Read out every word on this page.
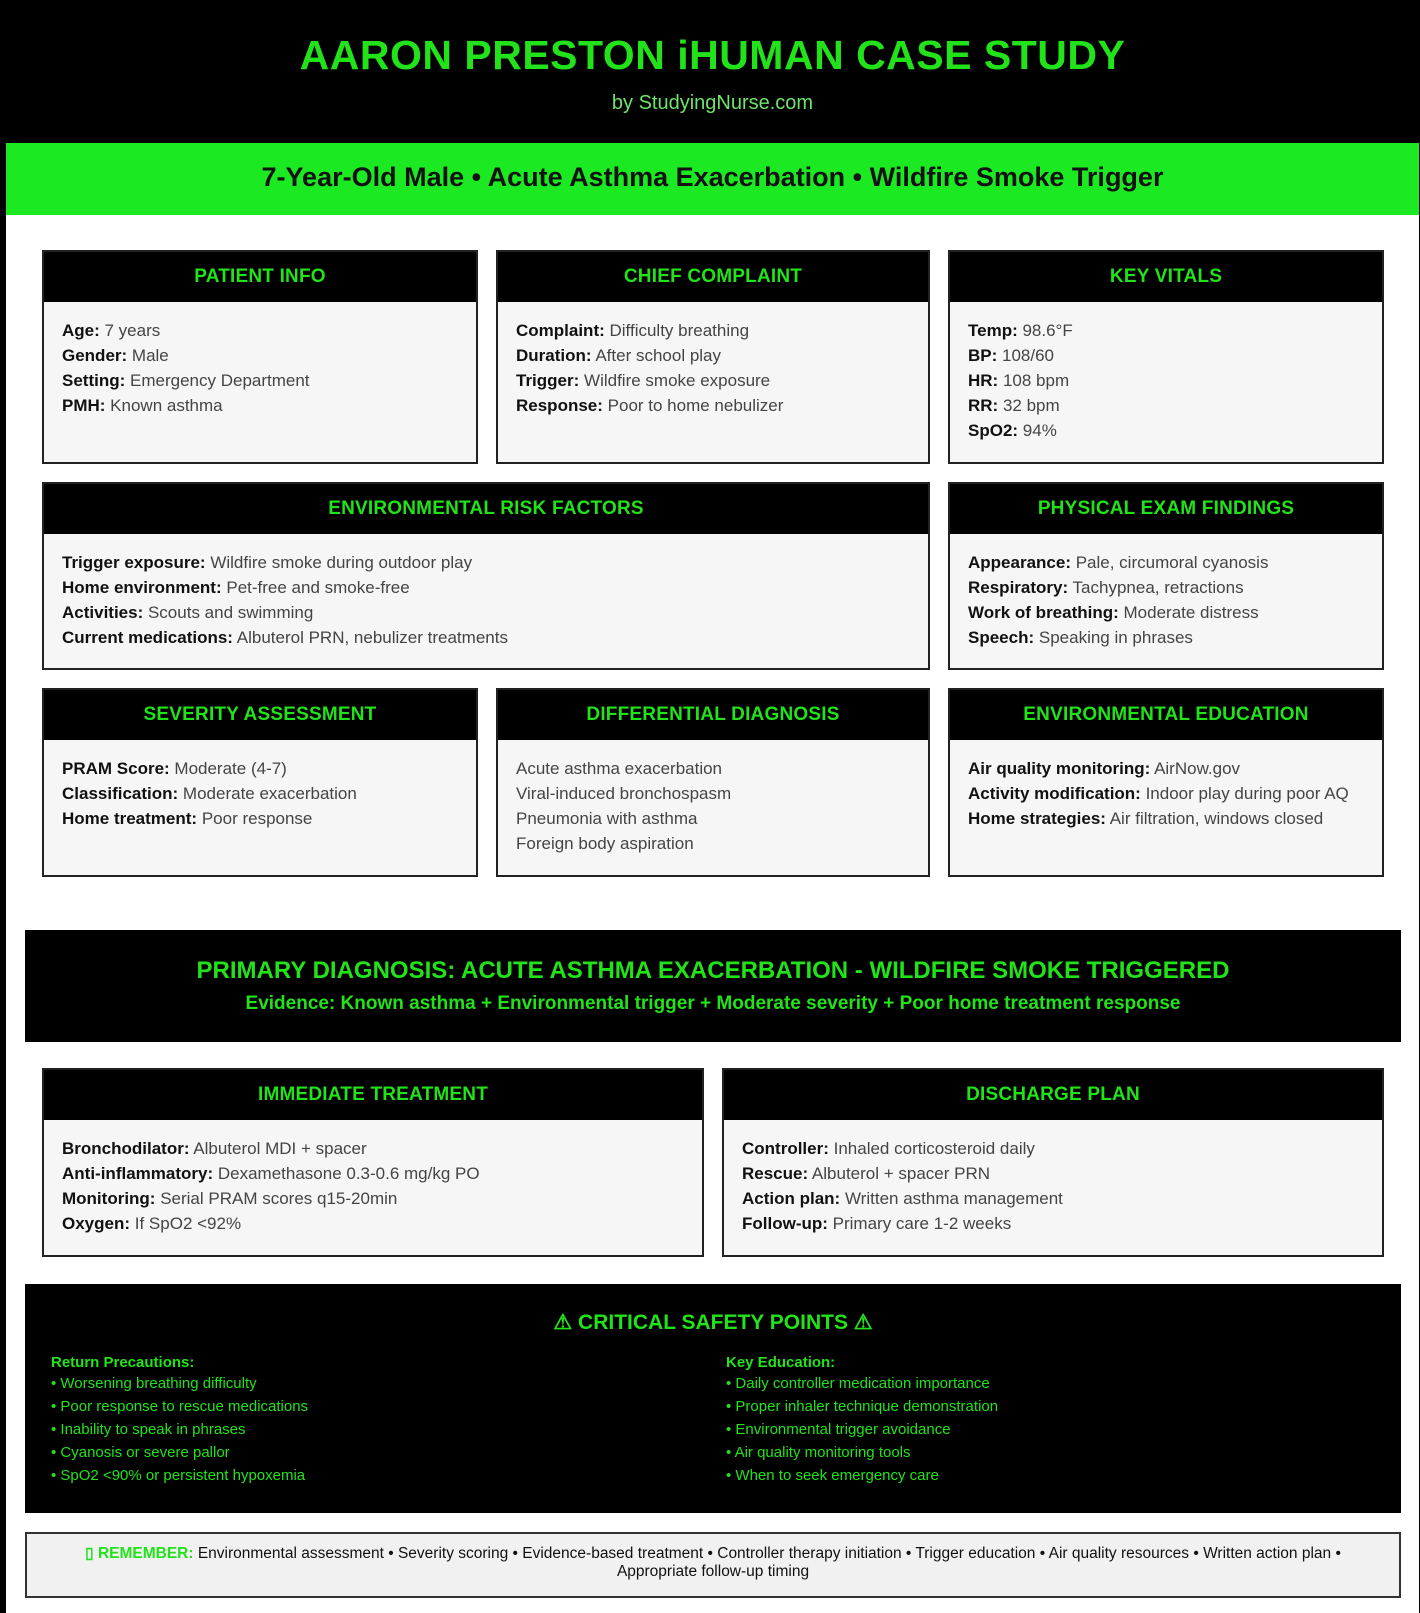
AARON PRESTON iHUMAN CASE STUDY
by StudyingNurse.com
7-Year-Old Male • Acute Asthma Exacerbation • Wildfire Smoke Trigger
PATIENT INFO
Age: 7 years
Gender: Male
Setting: Emergency Department
PMH: Known asthma
CHIEF COMPLAINT
Complaint: Difficulty breathing
Duration: After school play
Trigger: Wildfire smoke exposure
Response: Poor to home nebulizer
KEY VITALS
Temp: 98.6°F
BP: 108/60
HR: 108 bpm
RR: 32 bpm
SpO2: 94%
ENVIRONMENTAL RISK FACTORS
Trigger exposure: Wildfire smoke during outdoor play
Home environment: Pet-free and smoke-free
Activities: Scouts and swimming
Current medications: Albuterol PRN, nebulizer treatments
PHYSICAL EXAM FINDINGS
Appearance: Pale, circumoral cyanosis
Respiratory: Tachypnea, retractions
Work of breathing: Moderate distress
Speech: Speaking in phrases
SEVERITY ASSESSMENT
PRAM Score: Moderate (4-7)
Classification: Moderate exacerbation
Home treatment: Poor response
DIFFERENTIAL DIAGNOSIS
Acute asthma exacerbation
Viral-induced bronchospasm
Pneumonia with asthma
Foreign body aspiration
ENVIRONMENTAL EDUCATION
Air quality monitoring: AirNow.gov
Activity modification: Indoor play during poor AQ
Home strategies: Air filtration, windows closed
PRIMARY DIAGNOSIS: ACUTE ASTHMA EXACERBATION - WILDFIRE SMOKE TRIGGERED
Evidence: Known asthma + Environmental trigger + Moderate severity + Poor home treatment response
IMMEDIATE TREATMENT
Bronchodilator: Albuterol MDI + spacer
Anti-inflammatory: Dexamethasone 0.3-0.6 mg/kg PO
Monitoring: Serial PRAM scores q15-20min
Oxygen: If SpO2 <92%
DISCHARGE PLAN
Controller: Inhaled corticosteroid daily
Rescue: Albuterol + spacer PRN
Action plan: Written asthma management
Follow-up: Primary care 1-2 weeks
⚠ CRITICAL SAFETY POINTS ⚠
Return Precautions:
• Worsening breathing difficulty
• Poor response to rescue medications
• Inability to speak in phrases
• Cyanosis or severe pallor
• SpO2 <90% or persistent hypoxemia
Key Education:
• Daily controller medication importance
• Proper inhaler technique demonstration
• Environmental trigger avoidance
• Air quality monitoring tools
• When to seek emergency care
▯ REMEMBER: Environmental assessment • Severity scoring • Evidence-based treatment • Controller therapy initiation • Trigger education • Air quality resources • Written action plan • Appropriate follow-up timing
